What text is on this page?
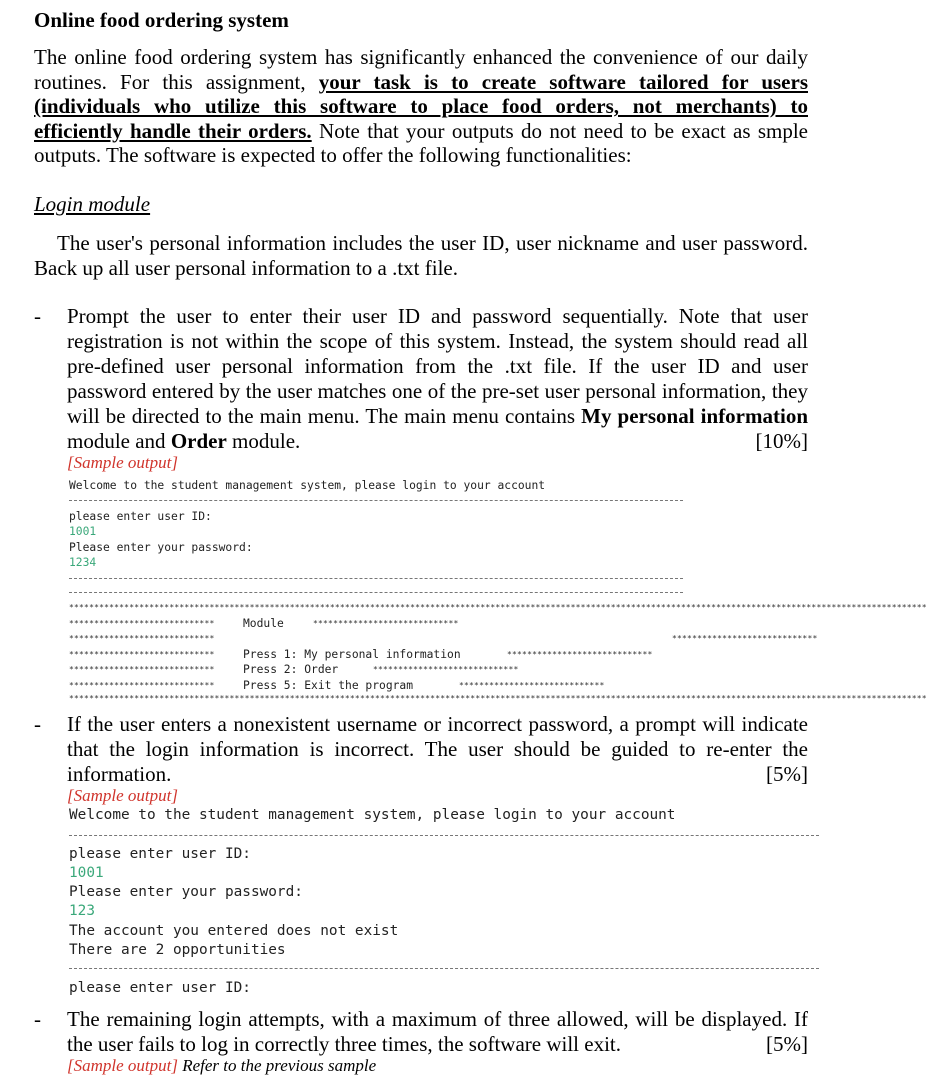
Online food ordering system

The online food ordering system has significantly enhanced the convenience of our daily routines. For this assignment, your task is to create software tailored for users (individuals who utilize this software to place food orders, not merchants) to efficiently handle their orders. Note that your outputs do not need to be exact as smple outputs. The software is expected to offer the following functionalities:

Login module

The user's personal information includes the user ID, user nickname and user password. Back up all user personal information to a .txt file.

- Prompt the user to enter their user ID and password sequentially. Note that user registration is not within the scope of this system. Instead, the system should read all pre-defined user personal information from the .txt file. If the user ID and user password entered by the user matches one of the pre-set user personal information, they will be directed to the main menu. The main menu contains My personal information module and Order module.	[10%]
[Sample output]
Welcome to the student management system, please login to your account
please enter user ID:
1001
Please enter your password:
1234
***************************************************************************************************************************************************************************
*****************************	Module	*****************************
*****************************	*****************************
*****************************	Press 1: My personal information	*****************************
*****************************	Press 2: Order	*****************************
*****************************	Press 5: Exit the program	*****************************
***************************************************************************************************************************************************************************
- If the user enters a nonexistent username or incorrect password, a prompt will indicate that the login information is incorrect. The user should be guided to re-enter the information.	[5%]
[Sample output]
Welcome to the student management system, please login to your account
please enter user ID:
1001
Please enter your password:
123
The account you entered does not exist
There are 2 opportunities
please enter user ID:
- The remaining login attempts, with a maximum of three allowed, will be displayed. If the user fails to log in correctly three times, the software will exit.	[5%]
[Sample output] Refer to the previous sample
